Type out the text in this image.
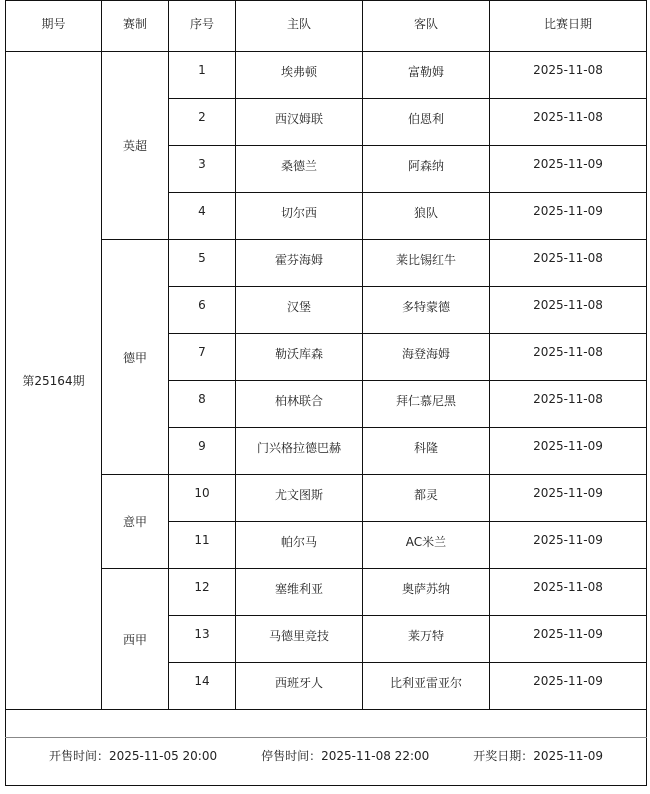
期号	赛制	序号	主队	客队	比赛日期
第25164期	英超	1	埃弗顿	富勒姆	2025-11-08
		2	西汉姆联	伯恩利	2025-11-08
		3	桑德兰	阿森纳	2025-11-09
		4	切尔西	狼队	2025-11-09
	德甲	5	霍芬海姆	莱比锡红牛	2025-11-08
		6	汉堡	多特蒙德	2025-11-08
		7	勒沃库森	海登海姆	2025-11-08
		8	柏林联合	拜仁慕尼黑	2025-11-08
		9	门兴格拉德巴赫	科隆	2025-11-09
	意甲	10	尤文图斯	都灵	2025-11-09
		11	帕尔马	AC米兰	2025-11-09
	西甲	12	塞维利亚	奥萨苏纳	2025-11-08
		13	马德里竞技	莱万特	2025-11-09
		14	西班牙人	比利亚雷亚尔	2025-11-09

开售时间：2025-11-05 20:00 停售时间：2025-11-08 22:00 开奖日期：2025-11-09					
